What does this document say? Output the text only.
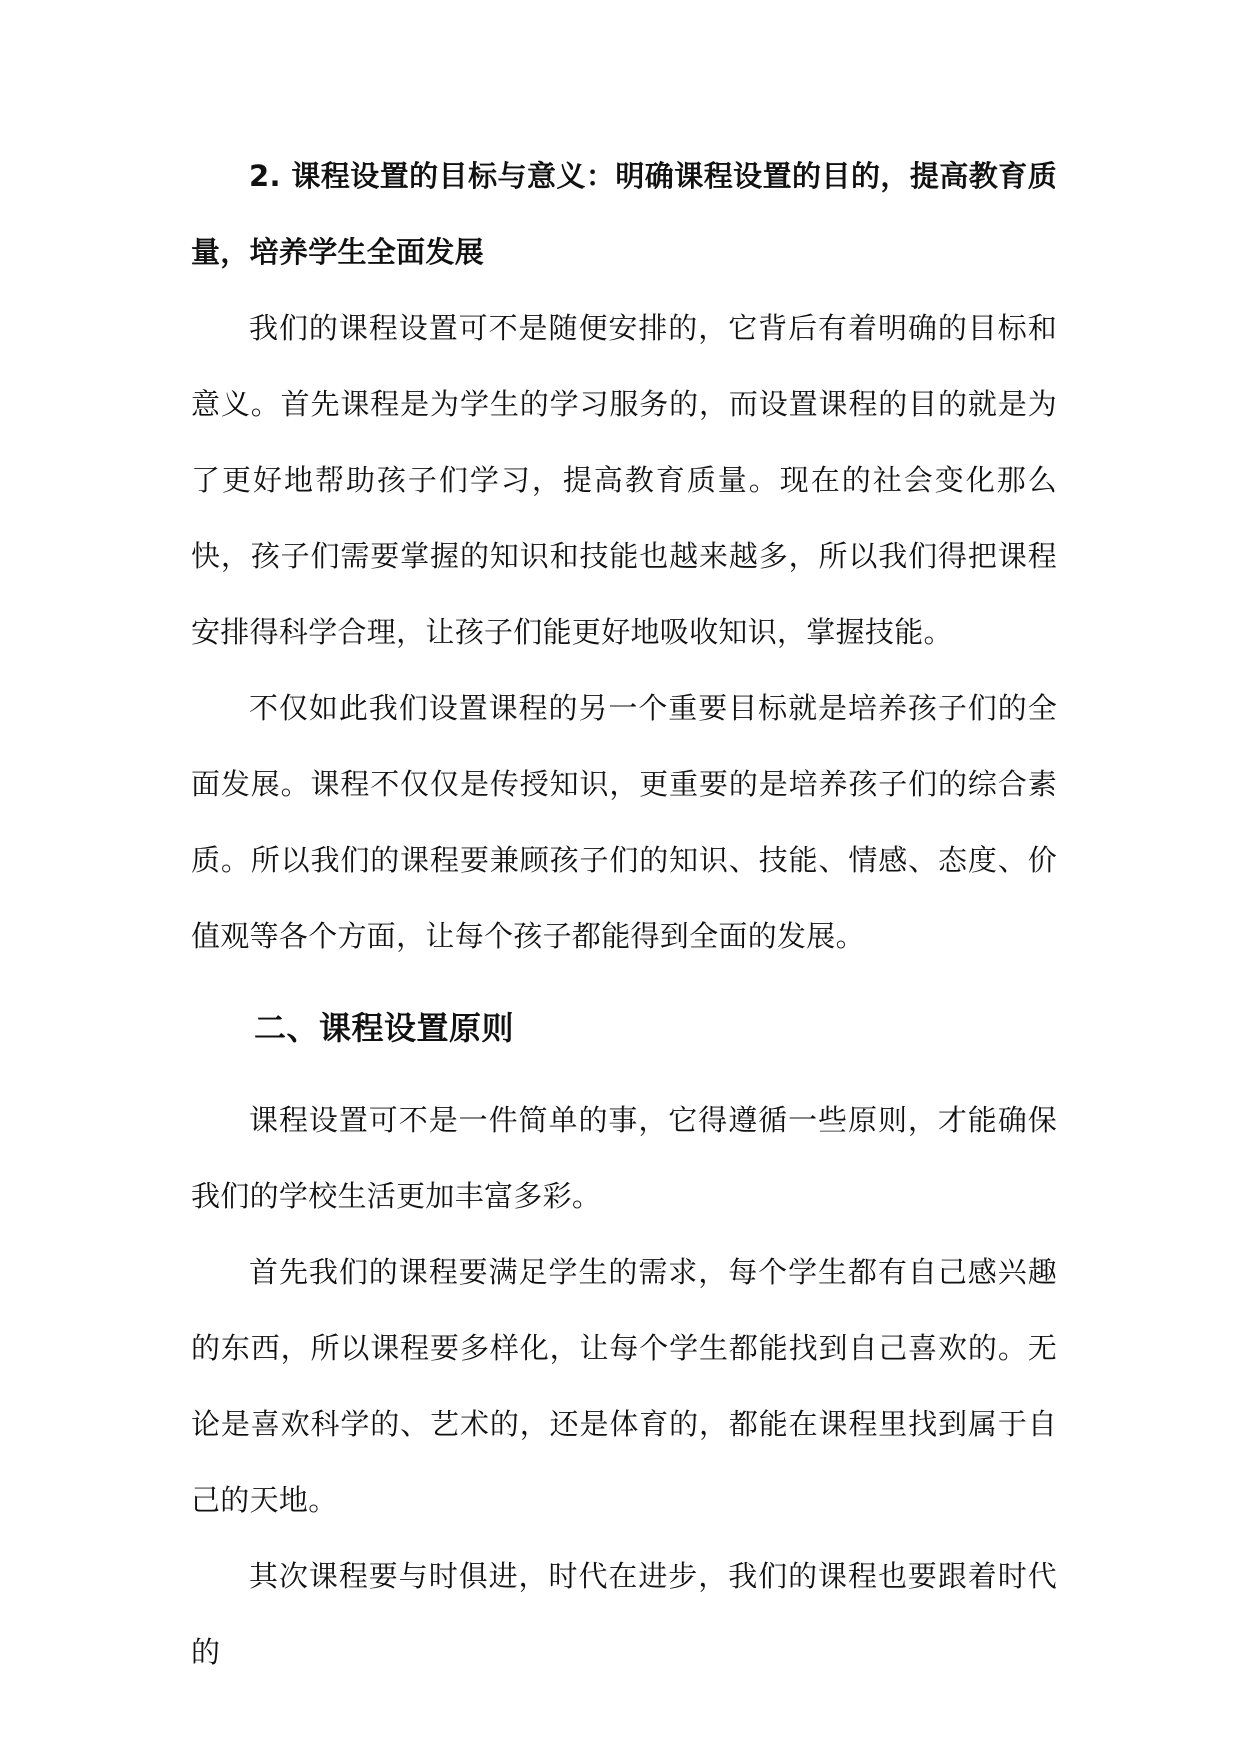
2. 课程设置的目标与意义：明确课程设置的目的，提高教育质量，培养学生全面发展

我们的课程设置可不是随便安排的，它背后有着明确的目标和意义。首先课程是为学生的学习服务的，而设置课程的目的就是为了更好地帮助孩子们学习，提高教育质量。现在的社会变化那么快，孩子们需要掌握的知识和技能也越来越多，所以我们得把课程安排得科学合理，让孩子们能更好地吸收知识，掌握技能。

不仅如此我们设置课程的另一个重要目标就是培养孩子们的全面发展。课程不仅仅是传授知识，更重要的是培养孩子们的综合素质。所以我们的课程要兼顾孩子们的知识、技能、情感、态度、价值观等各个方面，让每个孩子都能得到全面的发展。

二、课程设置原则

课程设置可不是一件简单的事，它得遵循一些原则，才能确保我们的学校生活更加丰富多彩。

首先我们的课程要满足学生的需求，每个学生都有自己感兴趣的东西，所以课程要多样化，让每个学生都能找到自己喜欢的。无论是喜欢科学的、艺术的，还是体育的，都能在课程里找到属于自己的天地。

其次课程要与时俱进，时代在进步，我们的课程也要跟着时代的
